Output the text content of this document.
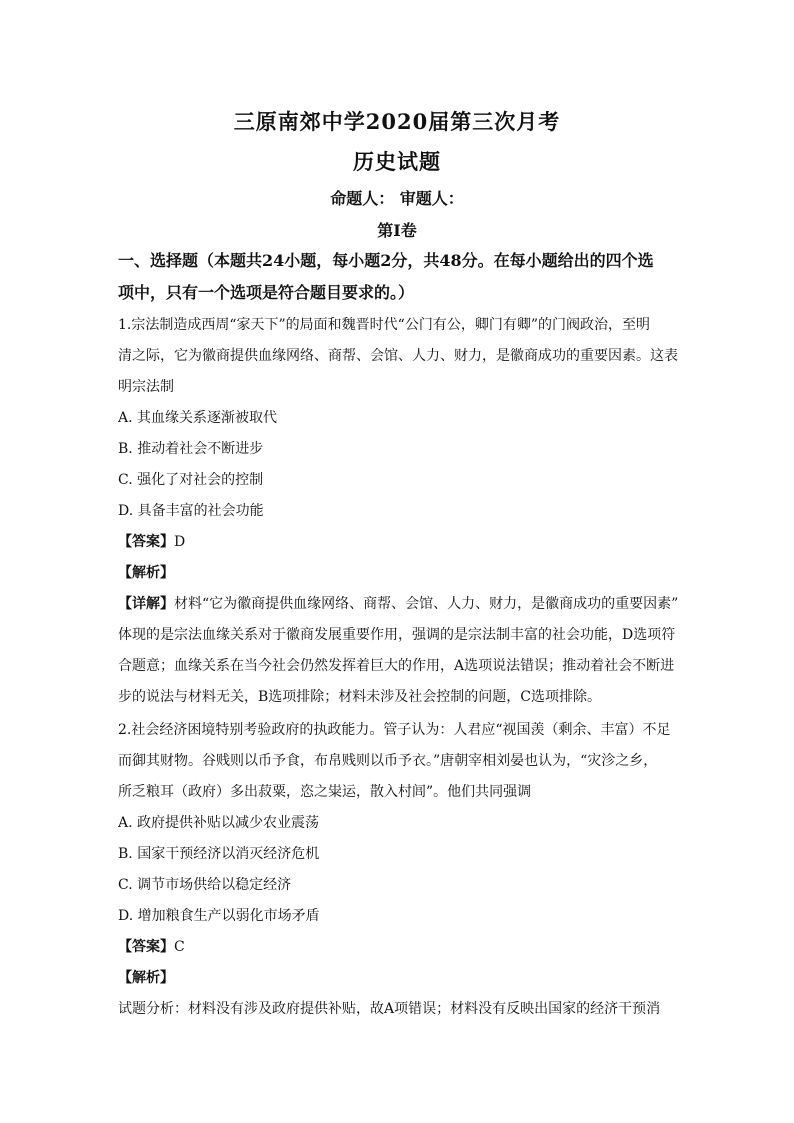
三原南郊中学2020届第三次月考
历史试题
命题人： 审题人：
第I卷
一、选择题（本题共24小题，每小题2分，共48分。在每小题给出的四个选
项中，只有一个选项是符合题目要求的。）
1.宗法制造成西周“家天下”的局面和魏晋时代“公门有公，卿门有卿”的门阀政治，至明
清之际，它为徽商提供血缘网络、商帮、会馆、人力、财力，是徽商成功的重要因素。这表
明宗法制
A. 其血缘关系逐渐被取代
B. 推动着社会不断进步
C. 强化了对社会的控制
D. 具备丰富的社会功能
【答案】D
【解析】
【详解】材料“它为徽商提供血缘网络、商帮、会馆、人力、财力，是徽商成功的重要因素”
体现的是宗法血缘关系对于徽商发展重要作用，强调的是宗法制丰富的社会功能，D选项符
合题意；血缘关系在当今社会仍然发挥着巨大的作用，A选项说法错误；推动着社会不断进
步的说法与材料无关，B选项排除；材料未涉及社会控制的问题，C选项排除。
2.社会经济困境特别考验政府的执政能力。管子认为：人君应“视国羡（剩余、丰富）不足
而御其财物。谷贱则以币予食，布帛贱则以币予衣。”唐朝宰相刘晏也认为，“灾沴之乡，
所乏粮耳（政府）多出菽粟，恣之粜运，散入村闾”。他们共同强调
A. 政府提供补贴以减少农业震荡
B. 国家干预经济以消灭经济危机
C. 调节市场供给以稳定经济
D. 增加粮食生产以弱化市场矛盾
【答案】C
【解析】
试题分析：材料没有涉及政府提供补贴，故A项错误；材料没有反映出国家的经济干预消
